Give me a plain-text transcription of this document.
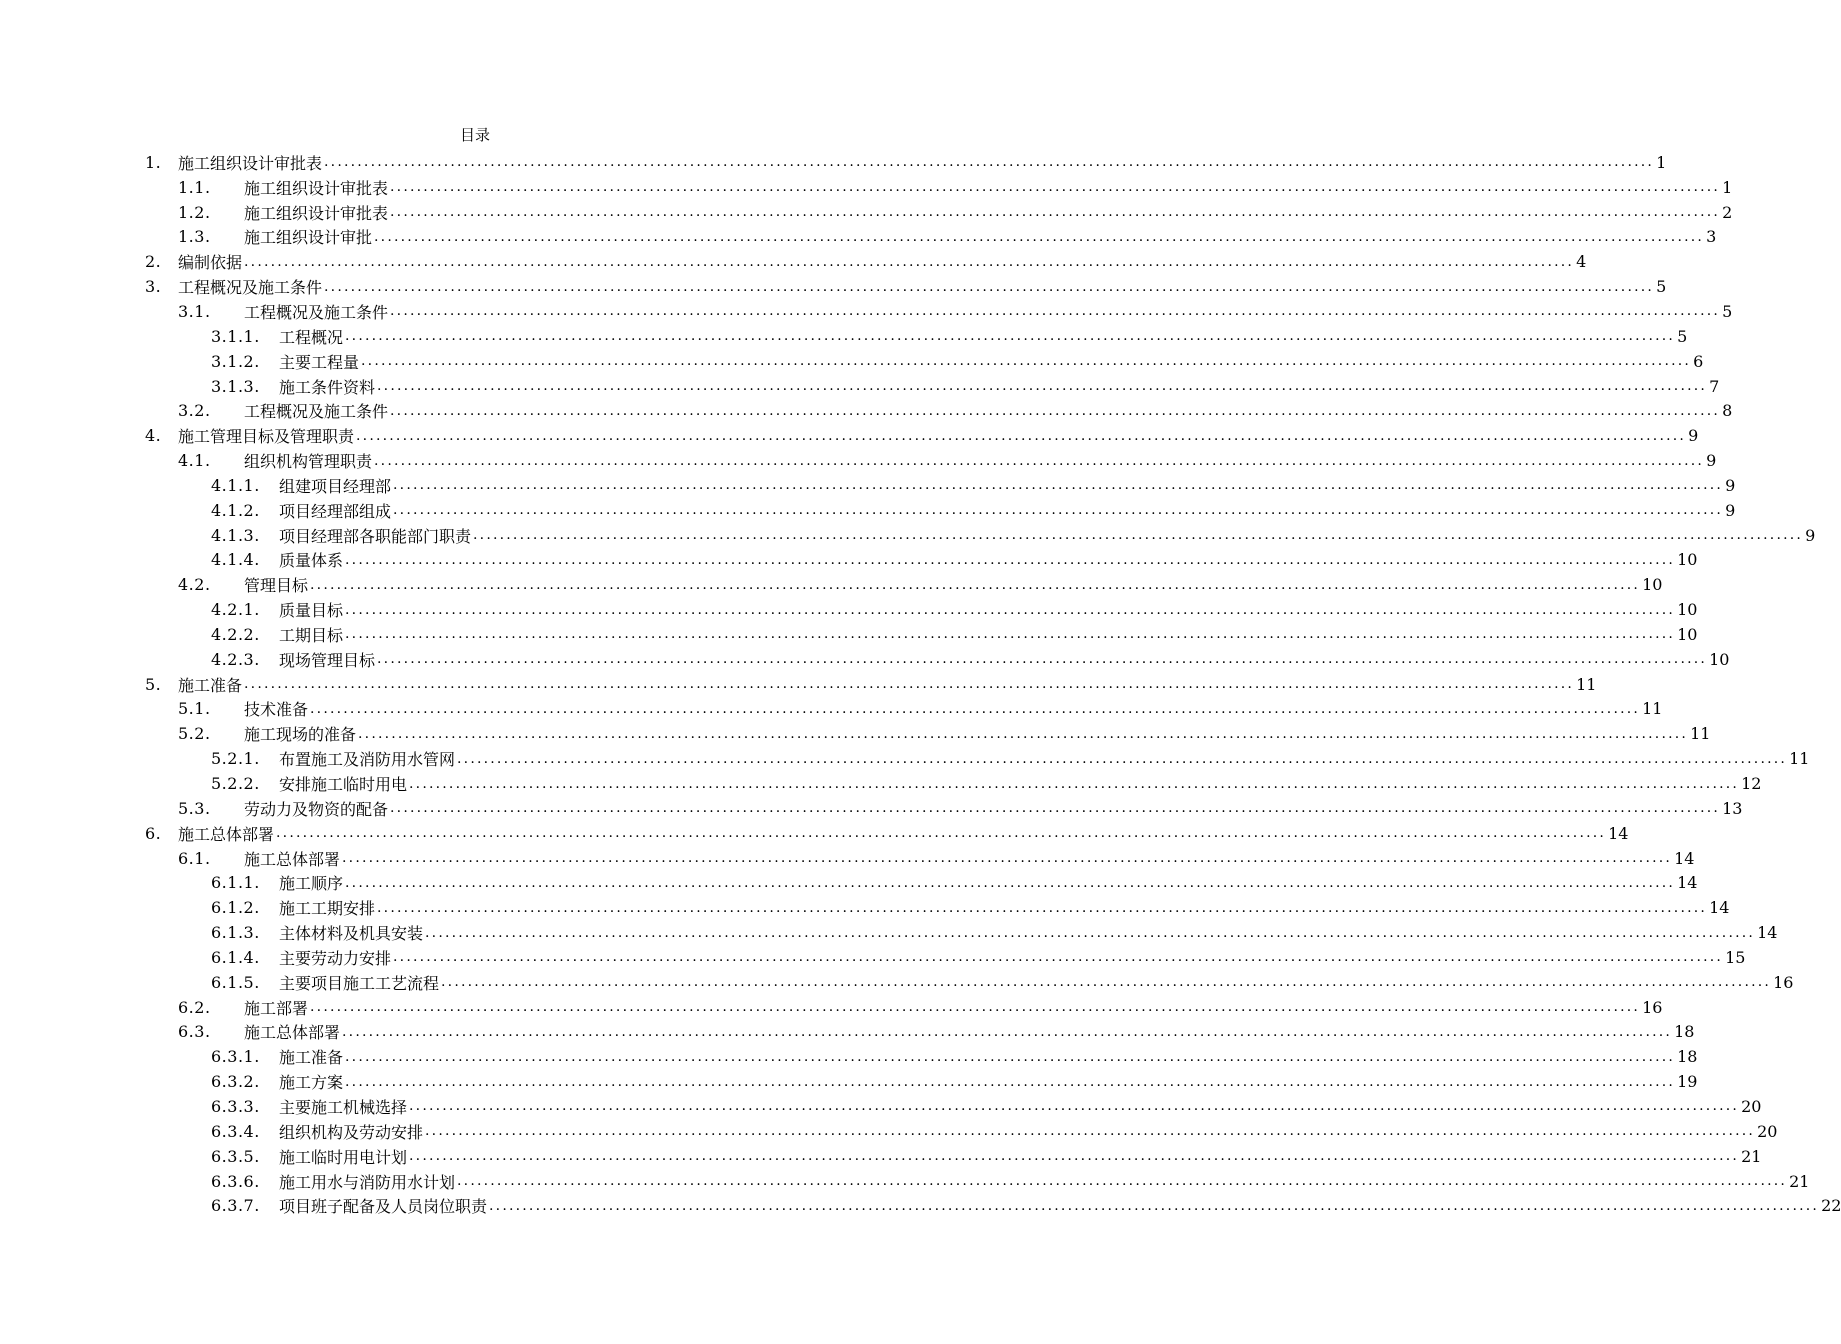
目录
1.	施工组织设计审批表 ........................................................................................................................................................................................................ 1
1.1.	施工组织设计审批表 ........................................................................................................................................................................................................ 1
1.2.	施工组织设计审批表 ........................................................................................................................................................................................................ 2
1.3.	施工组织设计审批 ........................................................................................................................................................................................................ 3
2.	编制依据 ........................................................................................................................................................................................................ 4
3.	工程概况及施工条件 ........................................................................................................................................................................................................ 5
3.1.	工程概况及施工条件 ........................................................................................................................................................................................................ 5
3.1.1.	工程概况 ........................................................................................................................................................................................................ 5
3.1.2.	主要工程量 ........................................................................................................................................................................................................ 6
3.1.3.	施工条件资料 ........................................................................................................................................................................................................ 7
3.2.	工程概况及施工条件 ........................................................................................................................................................................................................ 8
4.	施工管理目标及管理职责 ........................................................................................................................................................................................................ 9
4.1.	组织机构管理职责 ........................................................................................................................................................................................................ 9
4.1.1.	组建项目经理部 ........................................................................................................................................................................................................ 9
4.1.2.	项目经理部组成 ........................................................................................................................................................................................................ 9
4.1.3.	项目经理部各职能部门职责 ........................................................................................................................................................................................................ 9
4.1.4.	质量体系 ........................................................................................................................................................................................................ 10
4.2.	管理目标 ........................................................................................................................................................................................................ 10
4.2.1.	质量目标 ........................................................................................................................................................................................................ 10
4.2.2.	工期目标 ........................................................................................................................................................................................................ 10
4.2.3.	现场管理目标 ........................................................................................................................................................................................................ 10
5.	施工准备 ........................................................................................................................................................................................................ 11
5.1.	技术准备 ........................................................................................................................................................................................................ 11
5.2.	施工现场的准备 ........................................................................................................................................................................................................ 11
5.2.1.	布置施工及消防用水管网 ........................................................................................................................................................................................................ 11
5.2.2.	安排施工临时用电 ........................................................................................................................................................................................................ 12
5.3.	劳动力及物资的配备 ........................................................................................................................................................................................................ 13
6.	施工总体部署 ........................................................................................................................................................................................................ 14
6.1.	施工总体部署 ........................................................................................................................................................................................................ 14
6.1.1.	施工顺序 ........................................................................................................................................................................................................ 14
6.1.2.	施工工期安排 ........................................................................................................................................................................................................ 14
6.1.3.	主体材料及机具安装 ........................................................................................................................................................................................................ 14
6.1.4.	主要劳动力安排 ........................................................................................................................................................................................................ 15
6.1.5.	主要项目施工工艺流程 ........................................................................................................................................................................................................ 16
6.2.	施工部署 ........................................................................................................................................................................................................ 16
6.3.	施工总体部署 ........................................................................................................................................................................................................ 18
6.3.1.	施工准备 ........................................................................................................................................................................................................ 18
6.3.2.	施工方案 ........................................................................................................................................................................................................ 19
6.3.3.	主要施工机械选择 ........................................................................................................................................................................................................ 20
6.3.4.	组织机构及劳动安排 ........................................................................................................................................................................................................ 20
6.3.5.	施工临时用电计划 ........................................................................................................................................................................................................ 21
6.3.6.	施工用水与消防用水计划 ........................................................................................................................................................................................................ 21
6.3.7.	项目班子配备及人员岗位职责 ........................................................................................................................................................................................................ 22
